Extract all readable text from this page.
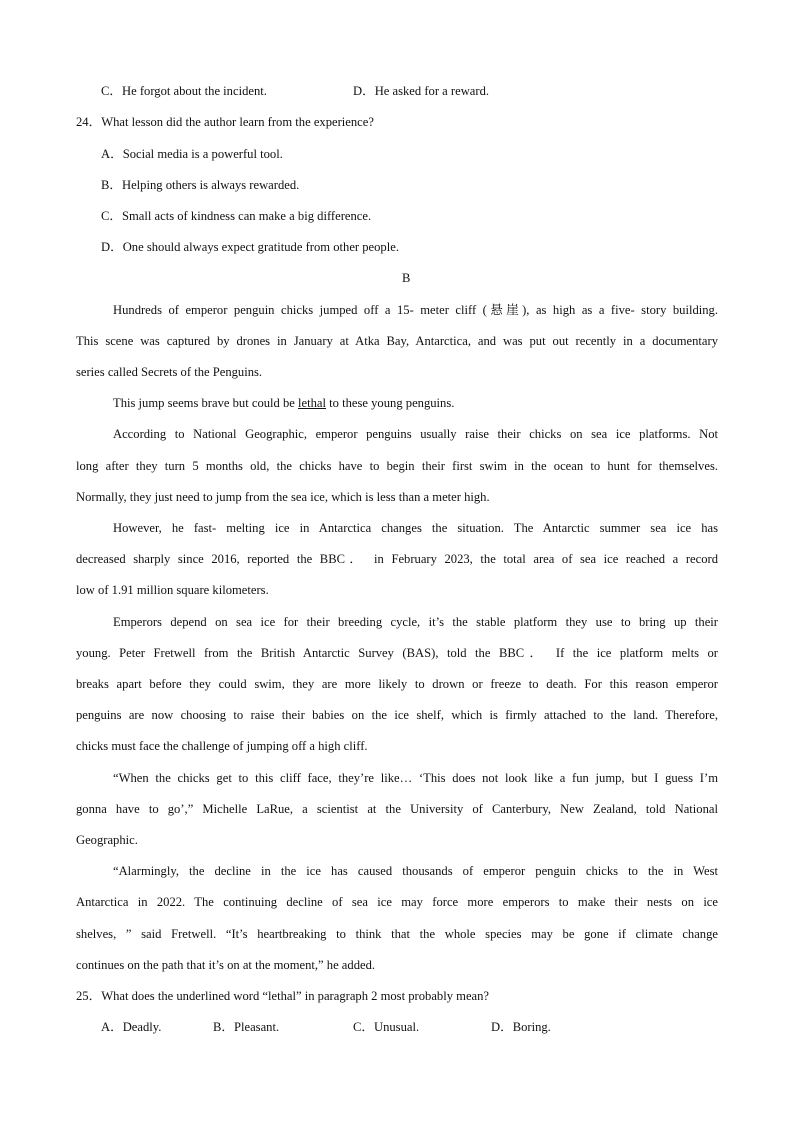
C．He forgot about the incident.	D．He asked for a reward.
24．What lesson did the author learn from the experience?
A．Social media is a powerful tool.
B．Helping others is always rewarded.
C．Small acts of kindness can make a big difference.
D．One should always expect gratitude from other people.
B
Hundreds of emperor penguin chicks jumped off a 15- meter cliff (悬崖), as high as a five- story building.
This scene was captured by drones in January at Atka Bay, Antarctica, and was put out recently in a documentary
series called Secrets of the Penguins.
This jump seems brave but could be lethal to these young penguins.
According to National Geographic, emperor penguins usually raise their chicks on sea ice platforms. Not
long after they turn 5 months old, the chicks have to begin their first swim in the ocean to hunt for themselves.
Normally, they just need to jump from the sea ice, which is less than a meter high.
However, he fast- melting ice in Antarctica changes the situation. The Antarctic summer sea ice has
decreased sharply since 2016, reported the BBC． in February 2023, the total area of sea ice reached a record
low of 1.91 million square kilometers.
Emperors depend on sea ice for their breeding cycle, it’s the stable platform they use to bring up their
young. Peter Fretwell from the British Antarctic Survey (BAS), told the BBC． If the ice platform melts or
breaks apart before they could swim, they are more likely to drown or freeze to death. For this reason emperor
penguins are now choosing to raise their babies on the ice shelf, which is firmly attached to the land. Therefore,
chicks must face the challenge of jumping off a high cliff.
“When the chicks get to this cliff face, they’re like… ‘This does not look like a fun jump, but I guess I’m
gonna have to go’,” Michelle LaRue, a scientist at the University of Canterbury, New Zealand, told National
Geographic.
“Alarmingly, the decline in the ice has caused thousands of emperor penguin chicks to the in West
Antarctica in 2022. The continuing decline of sea ice may force more emperors to make their nests on ice
shelves, ” said Fretwell. “It’s heartbreaking to think that the whole species may be gone if climate change
continues on the path that it’s on at the moment,” he added.
25．What does the underlined word “lethal” in paragraph 2 most probably mean?
A．Deadly.	B．Pleasant.	C．Unusual.	D．Boring.
